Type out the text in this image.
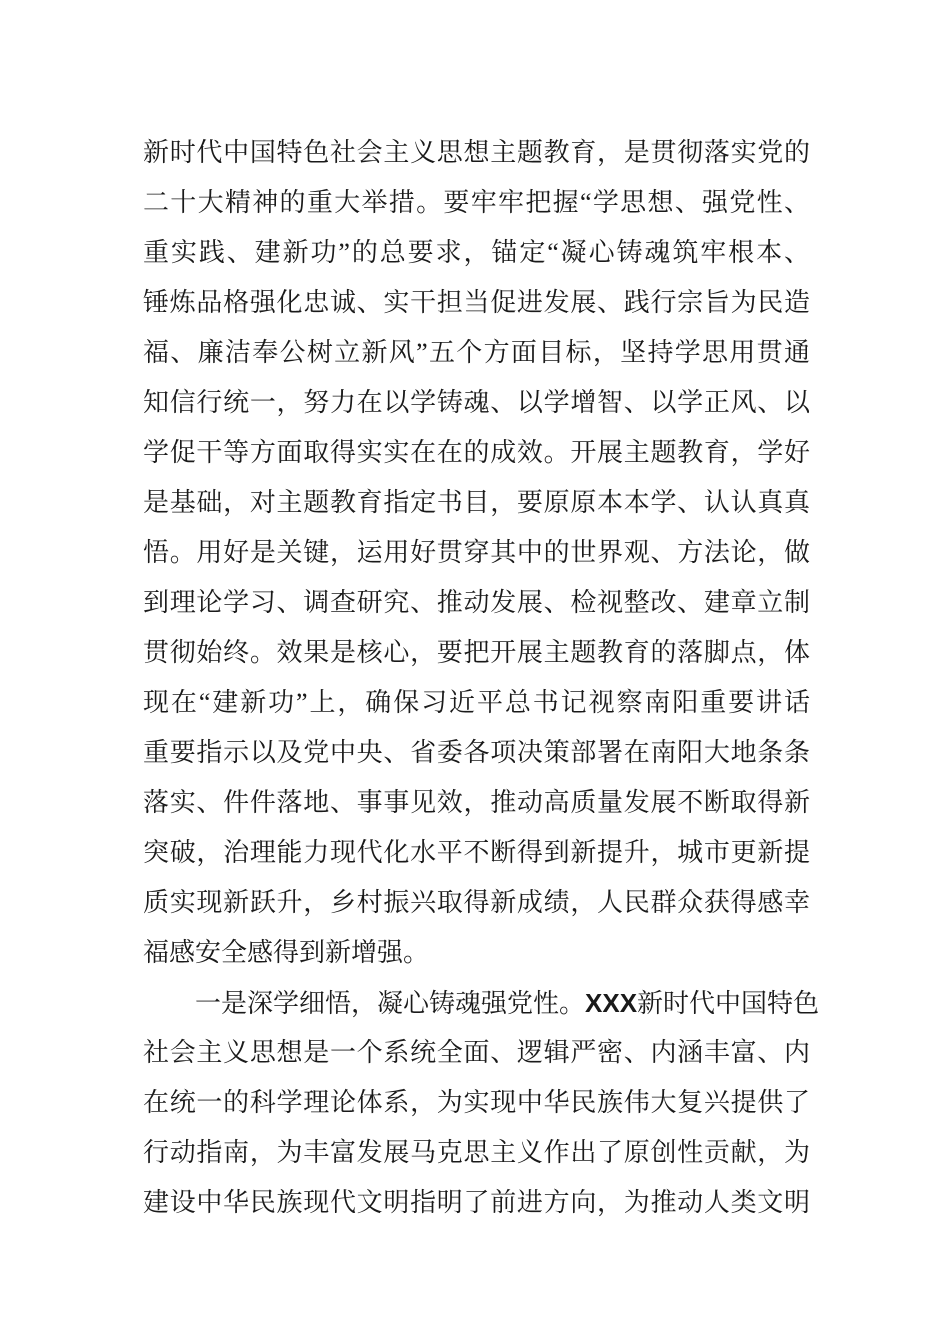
新时代中国特色社会主义思想主题教育，是贯彻落实党的
二十大精神的重大举措。要牢牢把握“学思想、强党性、
重实践、建新功”的总要求，锚定“凝心铸魂筑牢根本、
锤炼品格强化忠诚、实干担当促进发展、践行宗旨为民造
福、廉洁奉公树立新风”五个方面目标，坚持学思用贯通
知信行统一，努力在以学铸魂、以学增智、以学正风、以
学促干等方面取得实实在在的成效。开展主题教育，学好
是基础，对主题教育指定书目，要原原本本学、认认真真
悟。用好是关键，运用好贯穿其中的世界观、方法论，做
到理论学习、调查研究、推动发展、检视整改、建章立制
贯彻始终。效果是核心，要把开展主题教育的落脚点，体
现在“建新功”上，确保习近平总书记视察南阳重要讲话
重要指示以及党中央、省委各项决策部署在南阳大地条条
落实、件件落地、事事见效，推动高质量发展不断取得新
突破，治理能力现代化水平不断得到新提升，城市更新提
质实现新跃升，乡村振兴取得新成绩，人民群众获得感幸
福感安全感得到新增强。
一是深学细悟，凝心铸魂强党性。XXX新时代中国特色
社会主义思想是一个系统全面、逻辑严密、内涵丰富、内
在统一的科学理论体系，为实现中华民族伟大复兴提供了
行动指南，为丰富发展马克思主义作出了原创性贡献，为
建设中华民族现代文明指明了前进方向，为推动人类文明
